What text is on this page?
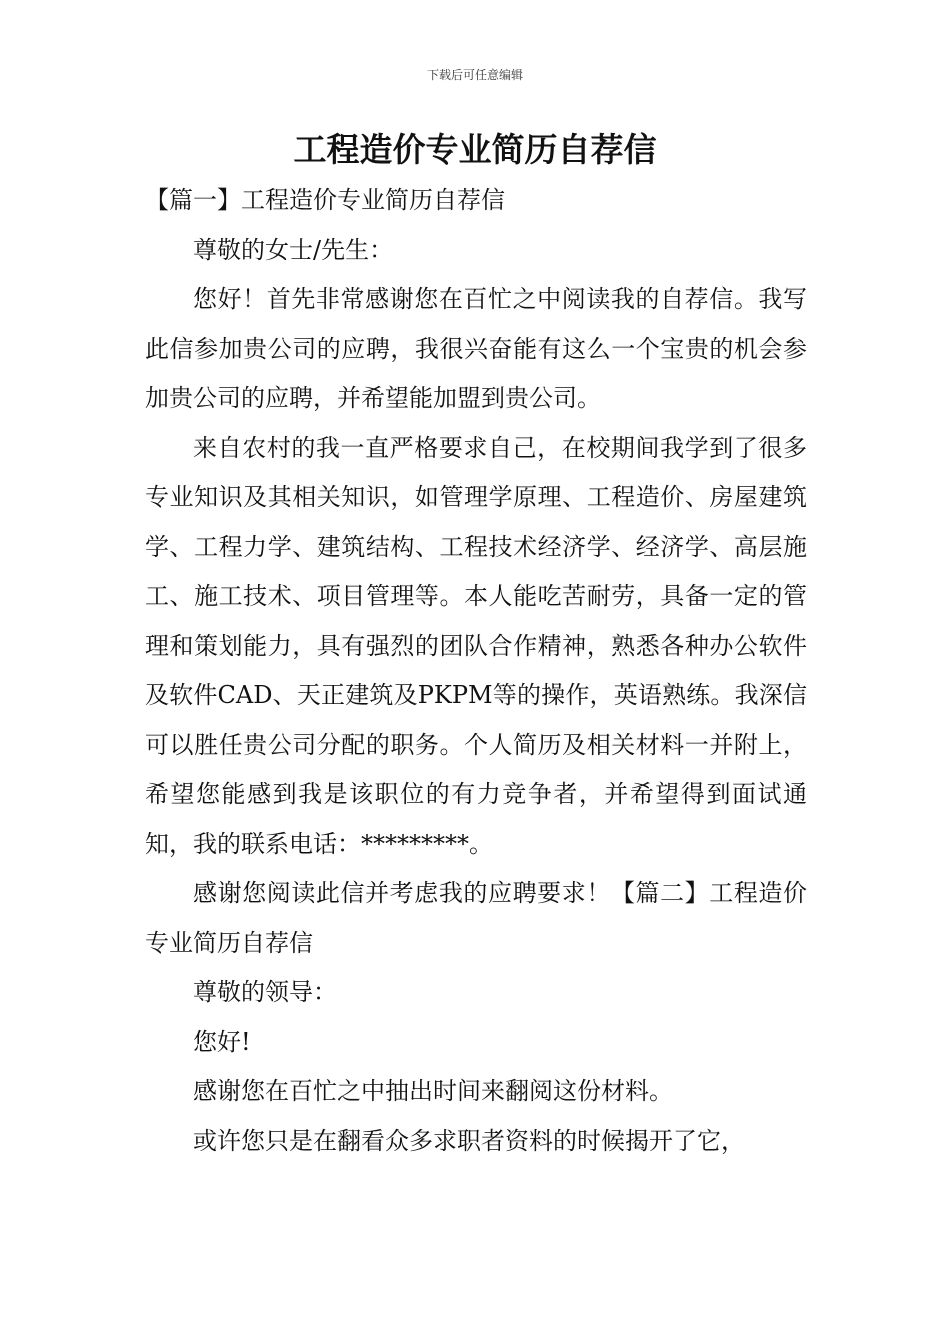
下载后可任意编辑
工程造价专业简历自荐信

【篇一】工程造价专业简历自荐信

尊敬的女士/先生：

您好！首先非常感谢您在百忙之中阅读我的自荐信。我写此信参加贵公司的应聘，我很兴奋能有这么一个宝贵的机会参加贵公司的应聘，并希望能加盟到贵公司。

来自农村的我一直严格要求自己，在校期间我学到了很多专业知识及其相关知识，如管理学原理、工程造价、房屋建筑学、工程力学、建筑结构、工程技术经济学、经济学、高层施工、施工技术、项目管理等。本人能吃苦耐劳，具备一定的管理和策划能力，具有强烈的团队合作精神，熟悉各种办公软件及软件CAD、天正建筑及PKPM等的操作，英语熟练。我深信可以胜任贵公司分配的职务。个人简历及相关材料一并附上，希望您能感到我是该职位的有力竞争者，并希望得到面试通知，我的联系电话：*********。

感谢您阅读此信并考虑我的应聘要求！【篇二】工程造价专业简历自荐信

尊敬的领导：

您好!

感谢您在百忙之中抽出时间来翻阅这份材料。

或许您只是在翻看众多求职者资料的时候揭开了它，
